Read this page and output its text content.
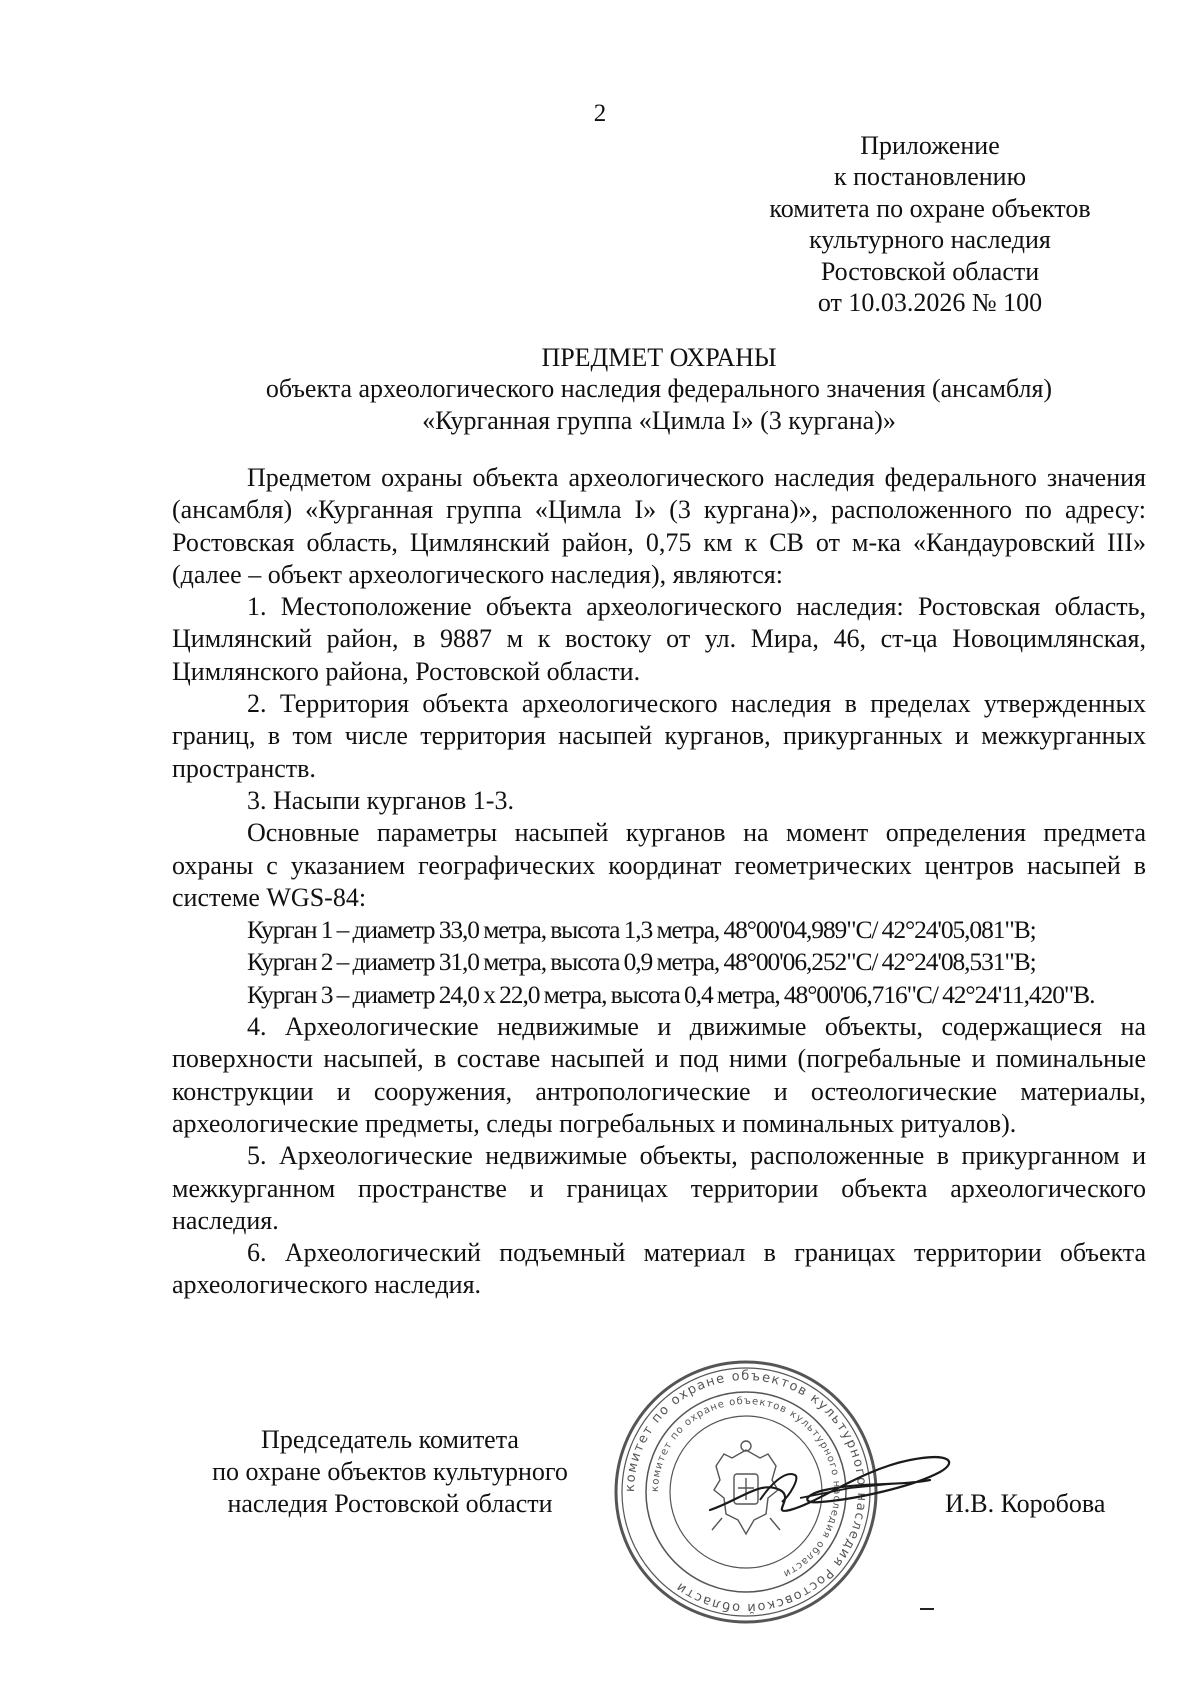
2
Приложение
к постановлению
комитета по охране объектов
культурного наследия
Ростовской области
от 10.03.2026 № 100
ПРЕДМЕТ ОХРАНЫ
объекта археологического наследия федерального значения (ансамбля)
«Курганная группа «Цимла I» (3 кургана)»

Предметом охраны объекта археологического наследия федерального значения (ансамбля) «Курганная группа «Цимла I» (3 кургана)», расположенного по адресу: Ростовская область, Цимлянский район, 0,75 км к СВ от м-ка «Кандауровский III» (далее – объект археологического наследия), являются:

1. Местоположение объекта археологического наследия: Ростовская область, Цимлянский район, в 9887 м к востоку от ул. Мира, 46, ст-ца Новоцимлянская, Цимлянского района, Ростовской области.

2. Территория объекта археологического наследия в пределах утвержденных границ, в том числе территория насыпей курганов, прикурганных и межкурганных пространств.

3. Насыпи курганов 1-3.

Основные параметры насыпей курганов на момент определения предмета охраны с указанием географических координат геометрических центров насыпей в системе WGS-84:

Курган 1 – диаметр 33,0 метра, высота 1,3 метра, 48°00'04,989"С/ 42°24'05,081"В;

Курган 2 – диаметр 31,0 метра, высота 0,9 метра, 48°00'06,252"С/ 42°24'08,531"В;

Курган 3 – диаметр 24,0 х 22,0 метра, высота 0,4 метра, 48°00'06,716"С/ 42°24'11,420"В.

4. Археологические недвижимые и движимые объекты, содержащиеся на поверхности насыпей, в составе насыпей и под ними (погребальные и поминальные конструкции и сооружения, антропологические и остеологические материалы, археологические предметы, следы погребальных и поминальных ритуалов).

5. Археологические недвижимые объекты, расположенные в прикурганном и межкурганном пространстве и границах территории объекта археологического наследия.

6. Археологический подъемный материал в границах территории объекта археологического наследия.

Председатель комитета
по охране объектов культурного
наследия Ростовской области
комитет по охране объектов культурного наследия Ростовской области
комитет по охране объектов культурного наследия области
И.В. Коробова
